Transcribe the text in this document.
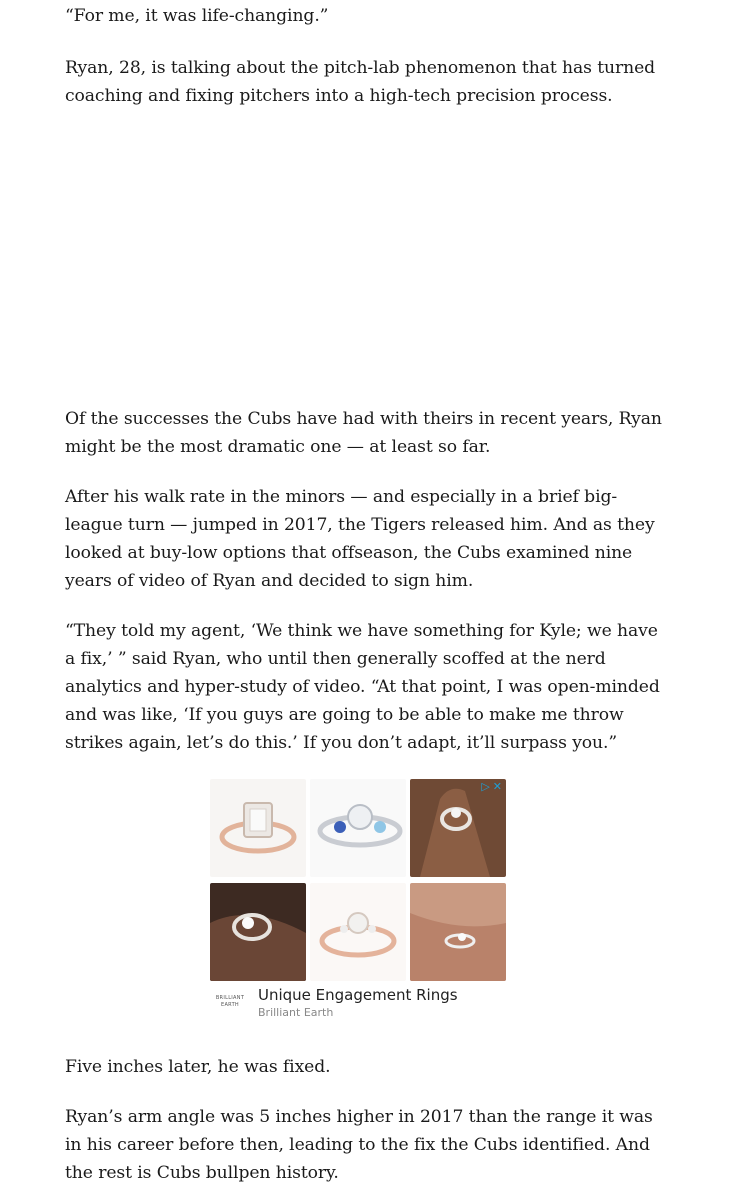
“For me, it was life-changing.”

Ryan, 28, is talking about the pitch-lab phenomenon that has turned coaching and fixing pitchers into a high-tech precision process.

Of the successes the Cubs have had with theirs in recent years, Ryan might be the most dramatic one — at least so far.

After his walk rate in the minors — and especially in a brief big-league turn — jumped in 2017, the Tigers released him. And as they looked at buy-low options that offseason, the Cubs examined nine years of video of Ryan and decided to sign him.

“They told my agent, ‘We think we have something for Kyle; we have a fix,’ ” said Ryan, who until then generally scoffed at the nerd analytics and hyper-study of video. “At that point, I was open-minded and was like, ‘If you guys are going to be able to make me throw strikes again, let’s do this.’ If you don’t adapt, it’ll surpass you.”

▷ ✕
BRILLIANT
EARTH
Unique Engagement Rings
Brilliant Earth

Five inches later, he was fixed.

Ryan’s arm angle was 5 inches higher in 2017 than the range it was in his career before then, leading to the fix the Cubs identified. And the rest is Cubs bullpen history.
